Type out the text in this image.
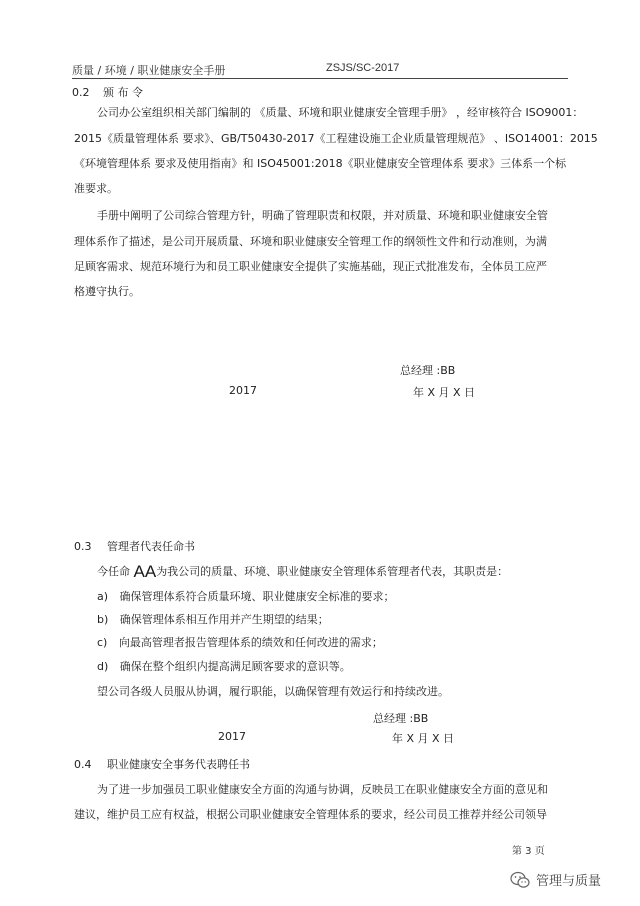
质量 / 环境 / 职业健康安全手册	ZSJS/SC-2017
0.2 颁 布 令
公司办公室组织相关部门编制的 《质量、环境和职业健康安全管理手册》 ，经审核符合 ISO9001：
2015《质量管理体系 要求》、GB/T50430-2017《工程建设施工企业质量管理规范》 、ISO14001：2015
《环境管理体系 要求及使用指南》和 ISO45001:2018《职业健康安全管理体系 要求》三体系一个标
准要求。
手册中阐明了公司综合管理方针，明确了管理职责和权限，并对质量、环境和职业健康安全管
理体系作了描述，是公司开展质量、环境和职业健康安全管理工作的纲领性文件和行动准则，为满
足顾客需求、规范环境行为和员工职业健康安全提供了实施基础，现正式批准发布，全体员工应严
格遵守执行。
总经理 :BB
2017	年 X 月 X 日
0.3 管理者代表任命书
今任命 AA为我公司的质量、环境、职业健康安全管理体系管理者代表，其职责是：
a) 确保管理体系符合质量环境、职业健康安全标准的要求；
b) 确保管理体系相互作用并产生期望的结果；
c) 向最高管理者报告管理体系的绩效和任何改进的需求；
d) 确保在整个组织内提高满足顾客要求的意识等。
望公司各级人员服从协调，履行职能，以确保管理有效运行和持续改进。
总经理 :BB
2017	年 X 月 X 日
0.4 职业健康安全事务代表聘任书
为了进一步加强员工职业健康安全方面的沟通与协调，反映员工在职业健康安全方面的意见和
建议，维护员工应有权益，根据公司职业健康安全管理体系的要求，经公司员工推荐并经公司领导
第 3 页
管理与质量
